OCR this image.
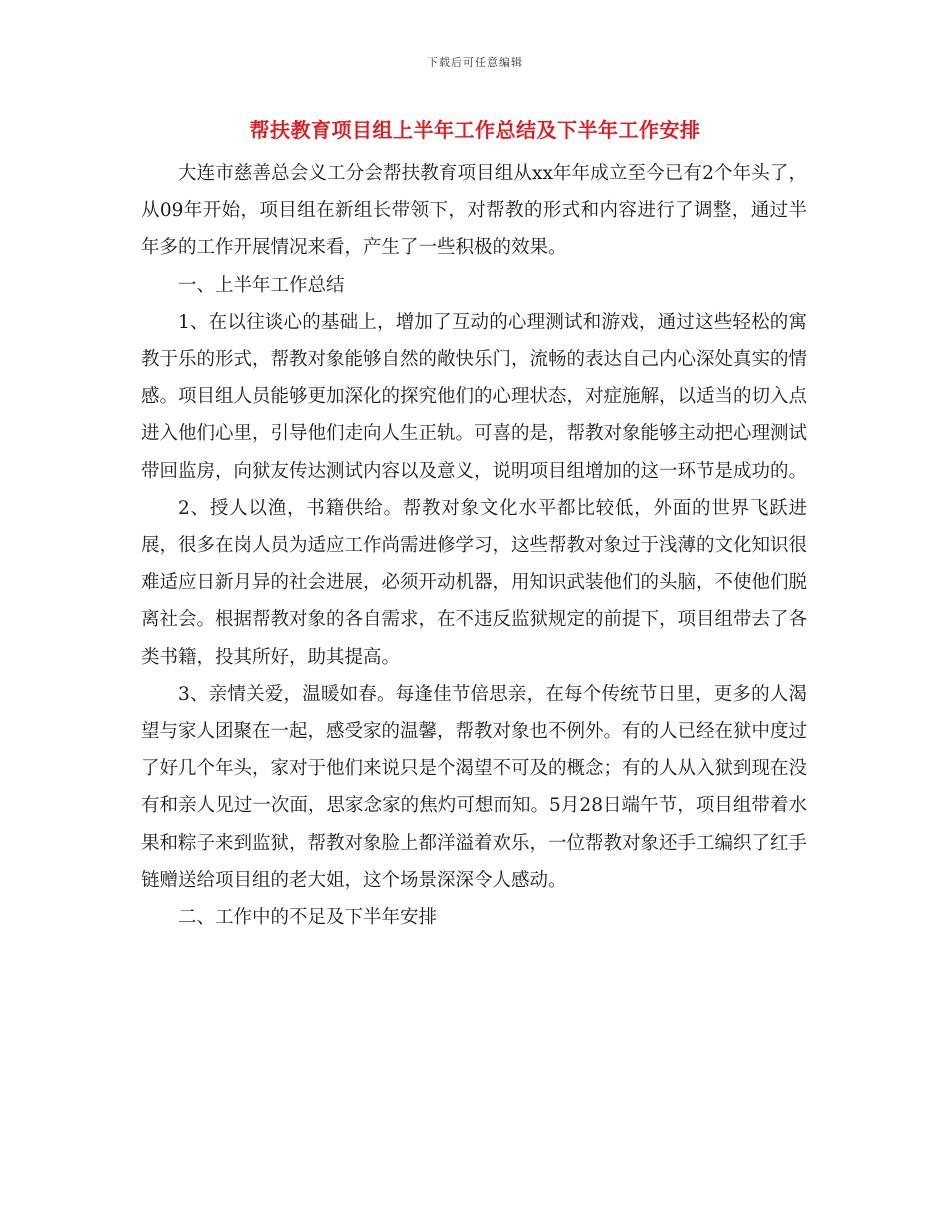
下载后可任意编辑
帮扶教育项目组上半年工作总结及下半年工作安排

大连市慈善总会义工分会帮扶教育项目组从xx年年成立至今已有2个年头了，从09年开始，项目组在新组长带领下，对帮教的形式和内容进行了调整，通过半年多的工作开展情况来看，产生了一些积极的效果。

一、上半年工作总结

1、在以往谈心的基础上，增加了互动的心理测试和游戏，通过这些轻松的寓教于乐的形式，帮教对象能够自然的敞快乐门，流畅的表达自己内心深处真实的情感。项目组人员能够更加深化的探究他们的心理状态，对症施解，以适当的切入点进入他们心里，引导他们走向人生正轨。可喜的是，帮教对象能够主动把心理测试带回监房，向狱友传达测试内容以及意义，说明项目组增加的这一环节是成功的。

2、授人以渔，书籍供给。帮教对象文化水平都比较低，外面的世界飞跃进展，很多在岗人员为适应工作尚需进修学习，这些帮教对象过于浅薄的文化知识很难适应日新月异的社会进展，必须开动机器，用知识武装他们的头脑，不使他们脱离社会。根据帮教对象的各自需求，在不违反监狱规定的前提下，项目组带去了各类书籍，投其所好，助其提高。

3、亲情关爱，温暖如春。每逢佳节倍思亲，在每个传统节日里，更多的人渴望与家人团聚在一起，感受家的温馨，帮教对象也不例外。有的人已经在狱中度过了好几个年头，家对于他们来说只是个渴望不可及的概念；有的人从入狱到现在没有和亲人见过一次面，思家念家的焦灼可想而知。5月28日端午节，项目组带着水果和粽子来到监狱，帮教对象脸上都洋溢着欢乐，一位帮教对象还手工编织了红手链赠送给项目组的老大姐，这个场景深深令人感动。

二、工作中的不足及下半年安排
